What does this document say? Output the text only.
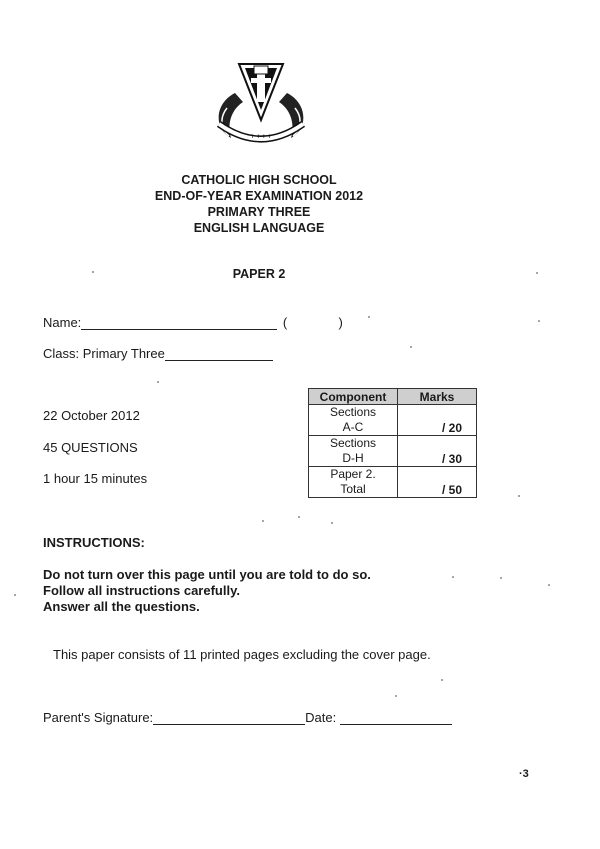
✝ ✝ ✝ ✝
CATHOLIC HIGH SCHOOL
END-OF-YEAR EXAMINATION 2012
PRIMARY THREE
ENGLISH LANGUAGE
PAPER 2
Name:	(	)
Class: Primary Three
22 October 2012
45 QUESTIONS
1 hour 15 minutes
Component	Marks

Sections
A-C	/ 20

Sections
D-H	/ 30

Paper 2.
Total	/ 50
INSTRUCTIONS:
Do not turn over this page until you are told to do so.
Follow all instructions carefully.
Answer all the questions.
This paper consists of 11 printed pages excluding the cover page.
Parent's Signature:	Date:
·3
